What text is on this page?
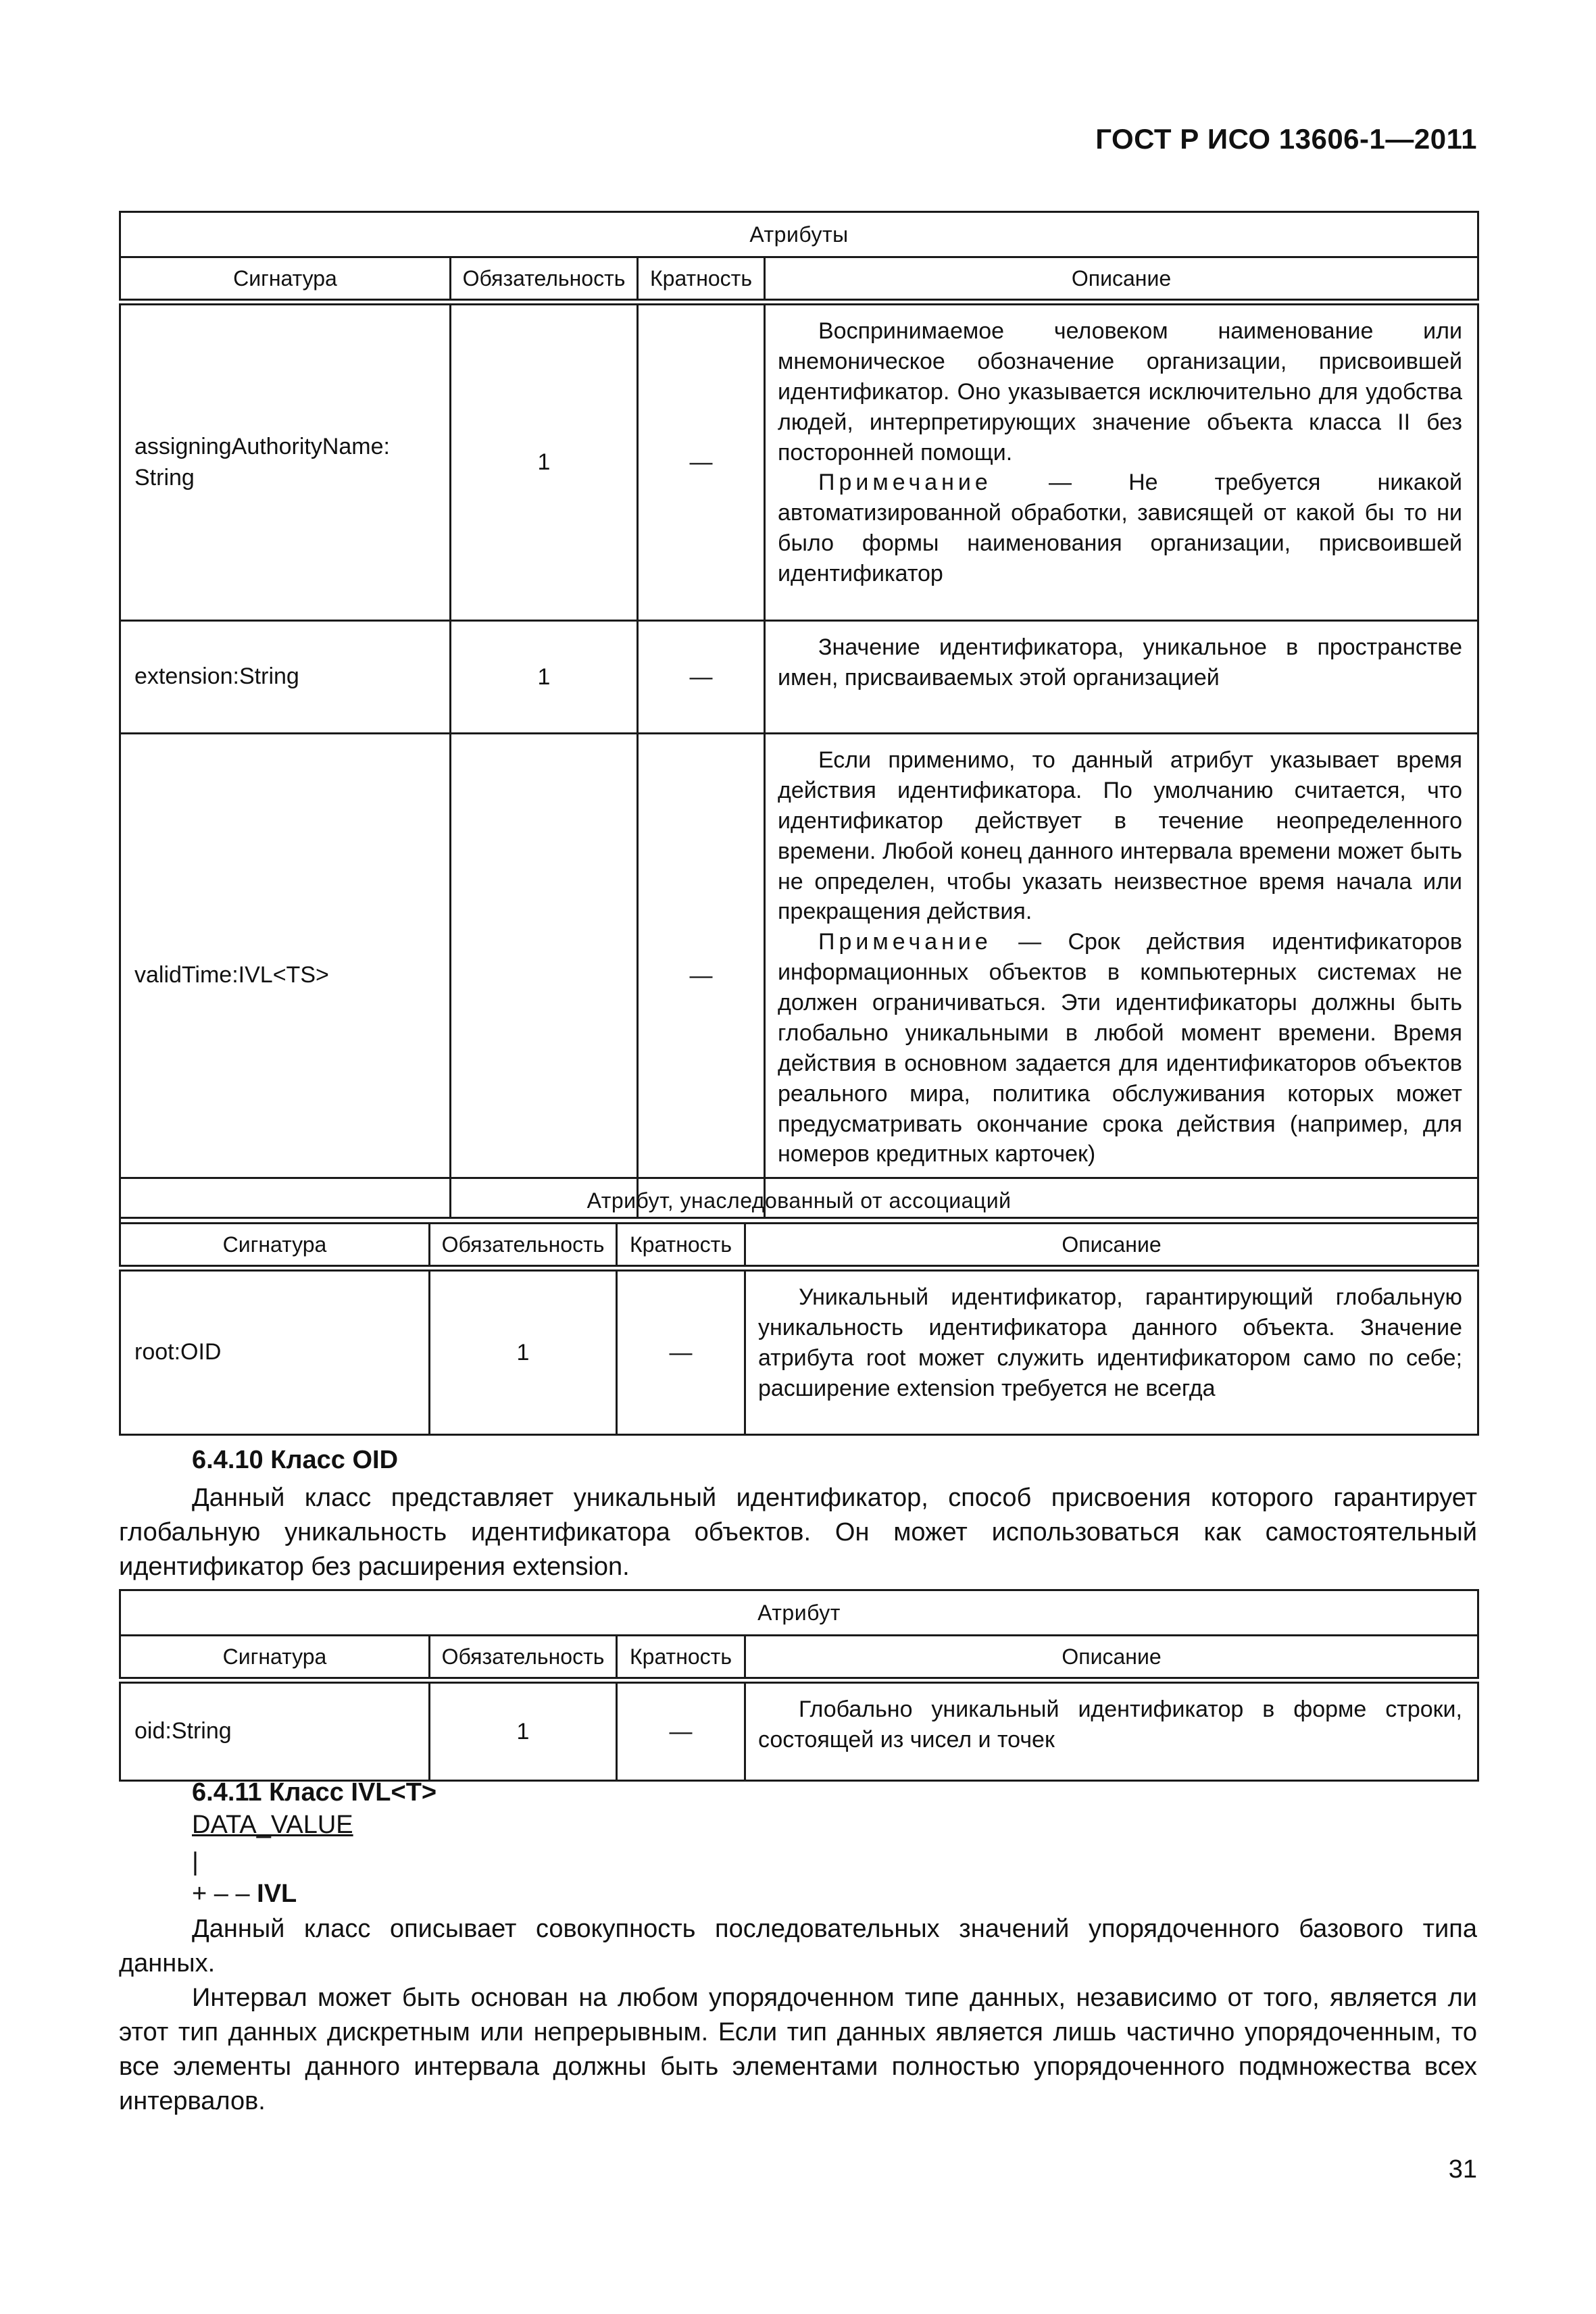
ГОСТ Р ИСО 13606-1—2011
Атрибуты			
Сигнатура	Обязательность	Кратность	Описание
assigningAuthorityName: String	1	—	Воспринимаемое человеком наименование или мнемоническое обозначение организации, присвоившей идентификатор. Оно указывается исключительно для удобства людей, интерпретирующих значение объекта класса II без посторонней помощи.

Примечание — Не требуется никакой автоматизированной обработки, зависящей от какой бы то ни было формы наименования организации, присвоившей идентификатор

extension:String	1	—	Значение идентификатора, уникальное в пространстве имен, присваиваемых этой организацией

validTime:IVL<TS>		—	Если применимо, то данный атрибут указывает время действия идентификатора. По умолчанию считается, что идентификатор действует в течение неопределенного времени. Любой конец данного интервала времени может быть не определен, чтобы указать неизвестное время начала или прекращения действия.

Примечание — Срок действия идентификаторов информационных объектов в компьютерных системах не должен ограничиваться. Эти идентификаторы должны быть глобально уникальными в любой момент времени. Время действия в основном задается для идентификаторов объектов реального мира, политика обслуживания которых может предусматривать окончание срока действия (например, для номеров кредитных карточек)

Атрибут, унаследованный от ассоциаций			
Сигнатура	Обязательность	Кратность	Описание
root:OID	1	—	Уникальный идентификатор, гарантирующий глобальную уникальность идентификатора данного объекта. Значение атрибута root может служить идентификатором само по себе; расширение extension требуется не всегда

6.4.10 Класс OID

Данный класс представляет уникальный идентификатор, способ присвоения которого гарантирует глобальную уникальность идентификатора объектов. Он может использоваться как самостоятельный идентификатор без расширения extension.

Атрибут			
Сигнатура	Обязательность	Кратность	Описание
oid:String	1	—	Глобально уникальный идентификатор в форме строки, состоящей из чисел и точек

6.4.11 Класс IVL<T>
DATA_VALUE
|
+ – – IVL

Данный класс описывает совокупность последовательных значений упорядоченного базового типа данных.

Интервал может быть основан на любом упорядоченном типе данных, независимо от того, является ли этот тип данных дискретным или непрерывным. Если тип данных является лишь частично упорядоченным, то все элементы данного интервала должны быть элементами полностью упорядоченного подмножества всех интервалов.

31
